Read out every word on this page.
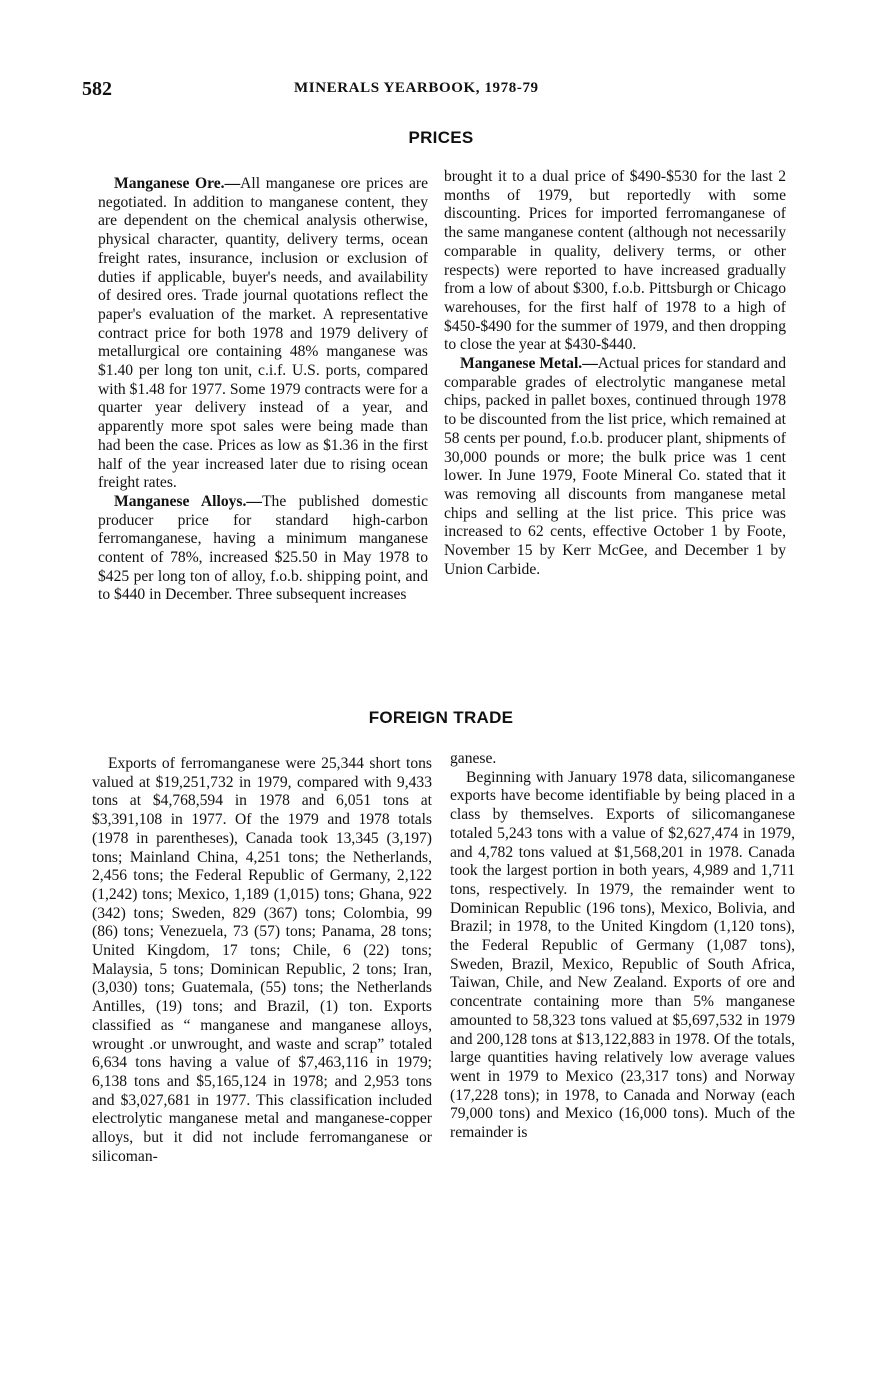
582	MINERALS YEARBOOK, 1978-79
PRICES

Manganese Ore.—All manganese ore prices are negotiated. In addition to manganese content, they are dependent on the chemical analysis otherwise, physical character, quantity, delivery terms, ocean freight rates, insurance, inclusion or exclusion of duties if applicable, buyer's needs, and availability of desired ores. Trade journal quotations reflect the paper's evaluation of the market. A representative contract price for both 1978 and 1979 delivery of metallurgical ore containing 48% manganese was $1.40 per long ton unit, c.i.f. U.S. ports, compared with $1.48 for 1977. Some 1979 contracts were for a quarter year delivery instead of a year, and apparently more spot sales were being made than had been the case. Prices as low as $1.36 in the first half of the year increased later due to rising ocean freight rates.

Manganese Alloys.—The published domestic producer price for standard high-carbon ferromanganese, having a minimum manganese content of 78%, increased $25.50 in May 1978 to $425 per long ton of alloy, f.o.b. shipping point, and to $440 in December. Three subsequent increases

brought it to a dual price of $490-$530 for the last 2 months of 1979, but reportedly with some discounting. Prices for imported ferromanganese of the same manganese content (although not necessarily comparable in quality, delivery terms, or other respects) were reported to have increased gradually from a low of about $300, f.o.b. Pittsburgh or Chicago warehouses, for the first half of 1978 to a high of $450-$490 for the summer of 1979, and then dropping to close the year at $430-$440.

Manganese Metal.—Actual prices for standard and comparable grades of electrolytic manganese metal chips, packed in pallet boxes, continued through 1978 to be discounted from the list price, which remained at 58 cents per pound, f.o.b. producer plant, shipments of 30,000 pounds or more; the bulk price was 1 cent lower. In June 1979, Foote Mineral Co. stated that it was removing all discounts from manganese metal chips and selling at the list price. This price was increased to 62 cents, effective October 1 by Foote, November 15 by Kerr McGee, and December 1 by Union Carbide.

FOREIGN TRADE

Exports of ferromanganese were 25,344 short tons valued at $19,251,732 in 1979, compared with 9,433 tons at $4,768,594 in 1978 and 6,051 tons at $3,391,108 in 1977. Of the 1979 and 1978 totals (1978 in parentheses), Canada took 13,345 (3,197) tons; Mainland China, 4,251 tons; the Netherlands, 2,456 tons; the Federal Republic of Germany, 2,122 (1,242) tons; Mexico, 1,189 (1,015) tons; Ghana, 922 (342) tons; Sweden, 829 (367) tons; Colombia, 99 (86) tons; Venezuela, 73 (57) tons; Panama, 28 tons; United Kingdom, 17 tons; Chile, 6 (22) tons; Malaysia, 5 tons; Dominican Republic, 2 tons; Iran, (3,030) tons; Guatemala, (55) tons; the Netherlands Antilles, (19) tons; and Brazil, (1) ton. Exports classified as “ manganese and manganese alloys, wrought .or unwrought, and waste and scrap” totaled 6,634 tons having a value of $7,463,116 in 1979; 6,138 tons and $5,165,124 in 1978; and 2,953 tons and $3,027,681 in 1977. This classification included electrolytic manganese metal and manganese-copper alloys, but it did not include ferromanganese or silicoman-

ganese.

Beginning with January 1978 data, silicomanganese exports have become identifiable by being placed in a class by themselves. Exports of silicomanganese totaled 5,243 tons with a value of $2,627,474 in 1979, and 4,782 tons valued at $1,568,201 in 1978. Canada took the largest portion in both years, 4,989 and 1,711 tons, respectively. In 1979, the remainder went to Dominican Republic (196 tons), Mexico, Bolivia, and Brazil; in 1978, to the United Kingdom (1,120 tons), the Federal Republic of Germany (1,087 tons), Sweden, Brazil, Mexico, Republic of South Africa, Taiwan, Chile, and New Zealand. Exports of ore and concentrate containing more than 5% manganese amounted to 58,323 tons valued at $5,697,532 in 1979 and 200,128 tons at $13,122,883 in 1978. Of the totals, large quantities having relatively low average values went in 1979 to Mexico (23,317 tons) and Norway (17,228 tons); in 1978, to Canada and Norway (each 79,000 tons) and Mexico (16,000 tons). Much of the remainder is
